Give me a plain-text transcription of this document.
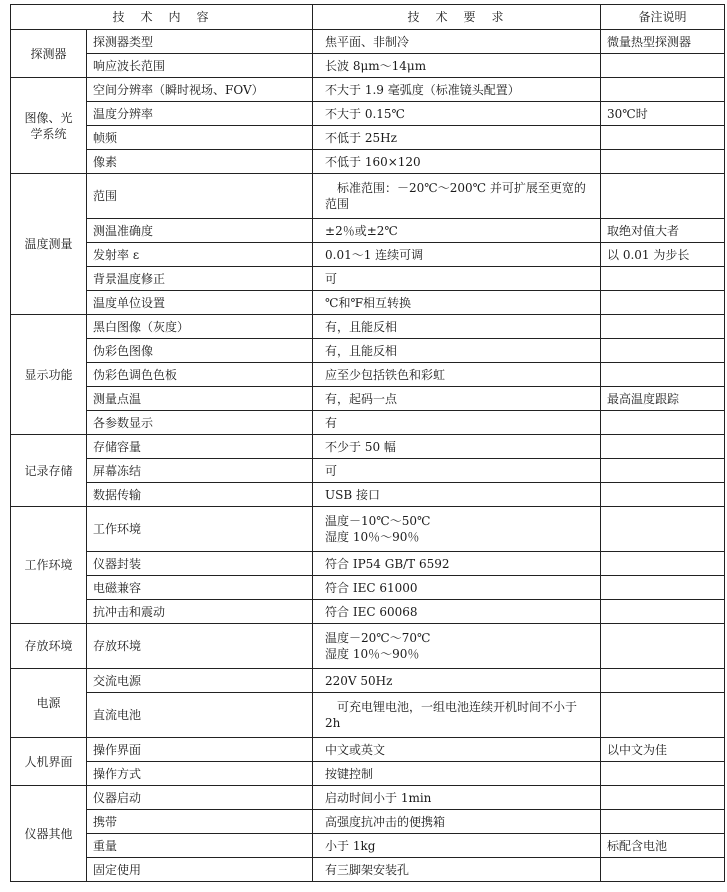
技　术　内　容		技　术　要　求	备注说明
探测器	探测器类型	焦平面、非制冷	微量热型探测器
	响应波长范围	长波 8μm～14μm	
图像、光学系统	空间分辨率（瞬时视场、FOV）	不大于 1.9 毫弧度（标准镜头配置）	
	温度分辨率	不大于 0.15℃	30℃时
	帧频	不低于 25Hz	
	像素	不低于 160×120	
温度测量	范围	标准范围：－20℃～200℃ 并可扩展至更宽的范围	
	测温准确度	±2％或±2℃	取绝对值大者
	发射率 ε	0.01～1 连续可调	以 0.01 为步长
	背景温度修正	可	
	温度单位设置	℃和℉相互转换	
显示功能	黑白图像（灰度）	有，且能反相	
	伪彩色图像	有，且能反相	
	伪彩色调色色板	应至少包括铁色和彩虹	
	测量点温	有，起码一点	最高温度跟踪
	各参数显示	有	
记录存储	存储容量	不少于 50 幅	
	屏幕冻结	可	
	数据传输	USB 接口	
工作环境	工作环境	温度－10℃～50℃
湿度 10％～90％	
	仪器封装	符合 IP54 GB/T 6592	
	电磁兼容	符合 IEC 61000	
	抗冲击和震动	符合 IEC 60068	
存放环境	存放环境	温度－20℃～70℃
湿度 10％～90％	
电源	交流电源	220V 50Hz	
	直流电池	可充电锂电池，一组电池连续开机时间不小于 2h	
人机界面	操作界面	中文或英文	以中文为佳
	操作方式	按键控制	
仪器其他	仪器启动	启动时间小于 1min	
	携带	高强度抗冲击的便携箱	
	重量	小于 1kg	标配含电池
	固定使用	有三脚架安装孔	
